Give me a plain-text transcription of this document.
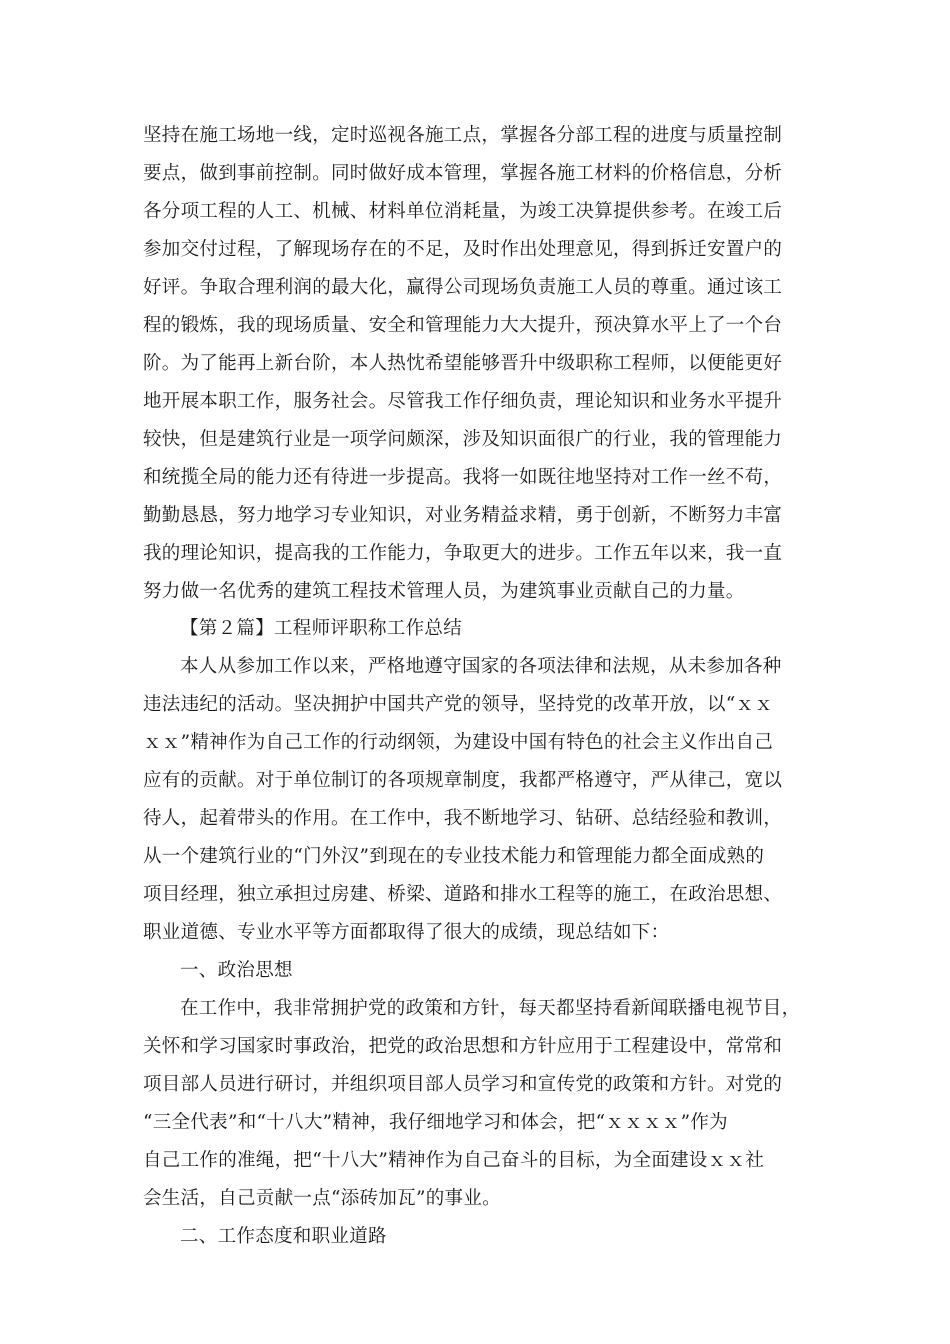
坚持在施工场地一线，定时巡视各施工点，掌握各分部工程的进度与质量控制
要点，做到事前控制。同时做好成本管理，掌握各施工材料的价格信息，分析
各分项工程的人工、机械、材料单位消耗量，为竣工决算提供参考。在竣工后
参加交付过程，了解现场存在的不足，及时作出处理意见，得到拆迁安置户的
好评。争取合理利润的最大化，赢得公司现场负责施工人员的尊重。通过该工
程的锻炼，我的现场质量、安全和管理能力大大提升，预决算水平上了一个台
阶。为了能再上新台阶，本人热忱希望能够晋升中级职称工程师，以便能更好
地开展本职工作，服务社会。尽管我工作仔细负责，理论知识和业务水平提升
较快，但是建筑行业是一项学问颇深，涉及知识面很广的行业，我的管理能力
和统揽全局的能力还有待进一步提高。我将一如既往地坚持对工作一丝不苟，
勤勤恳恳，努力地学习专业知识，对业务精益求精，勇于创新，不断努力丰富
我的理论知识，提高我的工作能力，争取更大的进步。工作五年以来，我一直
努力做一名优秀的建筑工程技术管理人员，为建筑事业贡献自己的力量。
【第２篇】工程师评职称工作总结
本人从参加工作以来，严格地遵守国家的各项法律和法规，从未参加各种
违法违纪的活动。坚决拥护中国共产党的领导，坚持党的改革开放，以“ｘｘ
ｘｘ”精神作为自己工作的行动纲领，为建设中国有特色的社会主义作出自己
应有的贡献。对于单位制订的各项规章制度，我都严格遵守，严从律己，宽以
待人，起着带头的作用。在工作中，我不断地学习、钻研、总结经验和教训，
从一个建筑行业的“门外汉”到现在的专业技术能力和管理能力都全面成熟的
项目经理，独立承担过房建、桥梁、道路和排水工程等的施工，在政治思想、
职业道德、专业水平等方面都取得了很大的成绩，现总结如下：
一、政治思想
在工作中，我非常拥护党的政策和方针，每天都坚持看新闻联播电视节目，
关怀和学习国家时事政治，把党的政治思想和方针应用于工程建设中，常常和
项目部人员进行研讨，并组织项目部人员学习和宣传党的政策和方针。对党的
“三全代表”和“十八大”精神，我仔细地学习和体会，把“ｘｘｘｘ”作为
自己工作的准绳，把“十八大”精神作为自己奋斗的目标，为全面建设ｘｘ社
会生活，自己贡献一点“添砖加瓦”的事业。
二、工作态度和职业道路
